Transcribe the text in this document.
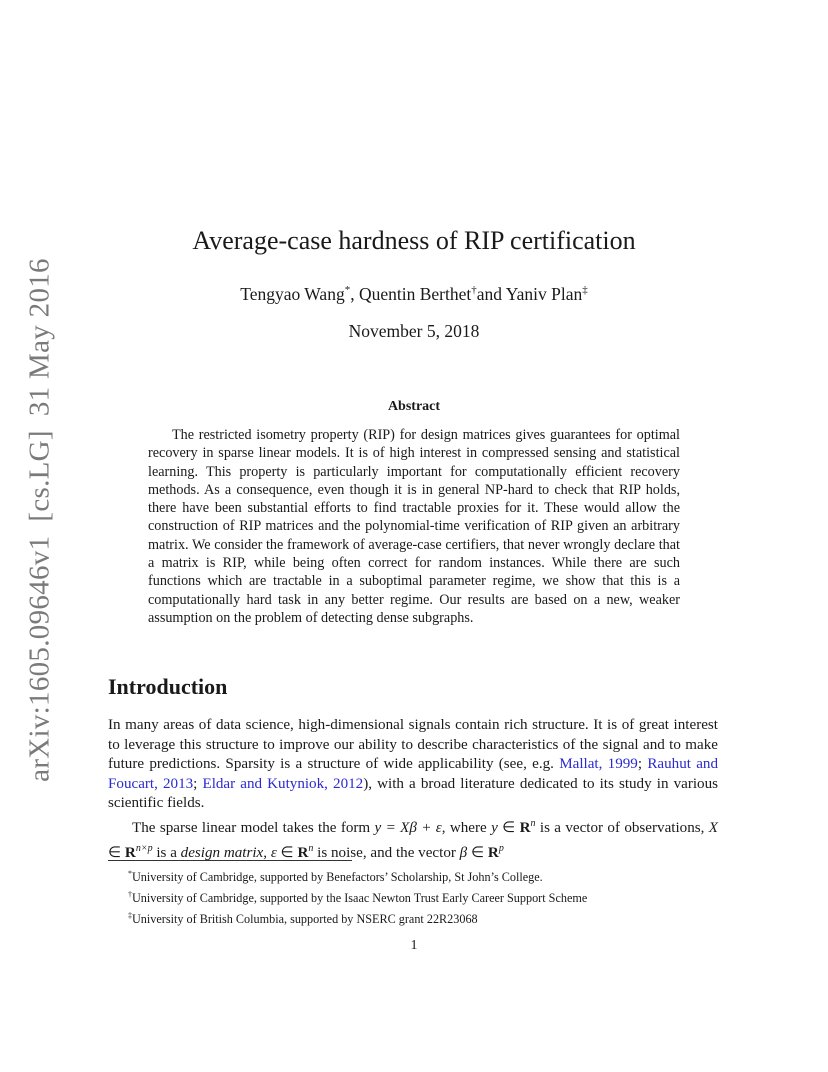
arXiv:1605.09646v1[cs.LG]31 May 2016
Average-case hardness of RIP certification
Tengyao Wang*, Quentin Berthet†and Yaniv Plan‡
November 5, 2018
Abstract

The restricted isometry property (RIP) for design matrices gives guarantees for optimal recovery in sparse linear models. It is of high interest in compressed sensing and statistical learning. This property is particularly important for computationally efficient recovery methods. As a consequence, even though it is in general NP-hard to check that RIP holds, there have been substantial efforts to find tractable proxies for it. These would allow the construction of RIP matrices and the polynomial-time verification of RIP given an arbitrary matrix. We consider the framework of average-case certifiers, that never wrongly declare that a matrix is RIP, while being often correct for random instances. While there are such functions which are tractable in a suboptimal parameter regime, we show that this is a computationally hard task in any better regime. Our results are based on a new, weaker assumption on the problem of detecting dense subgraphs.

Introduction

In many areas of data science, high-dimensional signals contain rich structure. It is of great interest to leverage this structure to improve our ability to describe characteristics of the signal and to make future predictions. Sparsity is a structure of wide applicability (see, e.g. Mallat, 1999; Rauhut and Foucart, 2013; Eldar and Kutyniok, 2012), with a broad literature dedicated to its study in various scientific fields.

The sparse linear model takes the form y = Xβ + ε, where y ∈ $R^n$ is a vector of observations, X ∈ $R^{n\times p}$ is a design matrix, ε ∈ $R^n$ is noise, and the vector β ∈ $R^p$

*University of Cambridge, supported by Benefactors’ Scholarship, St John’s College.
†University of Cambridge, supported by the Isaac Newton Trust Early Career Support Scheme
‡University of British Columbia, supported by NSERC grant 22R23068
1
